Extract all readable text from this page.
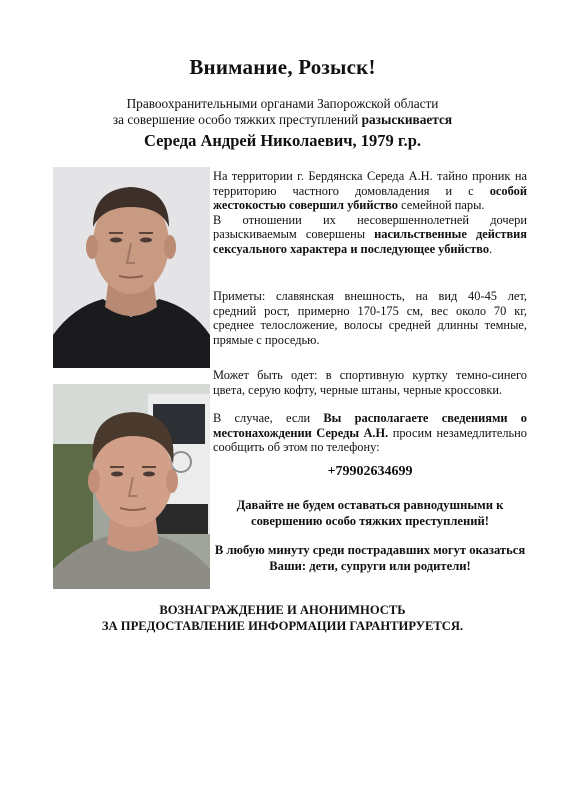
Внимание, Розыск!
Правоохранительными органами Запорожской области
за совершение особо тяжких преступлений разыскивается
Середа Андрей Николаевич, 1979 г.р.

На территории г. Бердянска Середа А.Н. тайно проник на территорию частного домовладения и с особой жестокостью совершил убийство семейной пары.

В отношении их несовершеннолетней дочери разыскиваемым совершены насильственные действия сексуального характера и последующее убийство.

Приметы: славянская внешность, на вид 40-45 лет, средний рост, примерно 170-175 см, вес около 70 кг, среднее телосложение, волосы средней длинны темные, прямые с проседью.
Может быть одет: в спортивную куртку темно-синего цвета, серую кофту, черные штаны, черные кроссовки.
В случае, если Вы располагаете сведениями о местонахождении Середы А.Н. просим незамедлительно сообщить об этом по телефону:
+79902634699
Давайте не будем оставаться равнодушными к совершению особо тяжких преступлений!
В любую минуту среди пострадавших могут оказаться Ваши: дети, супруги или родители!
ВОЗНАГРАЖДЕНИЕ И АНОНИМНОСТЬ
ЗА ПРЕДОСТАВЛЕНИЕ ИНФОРМАЦИИ ГАРАНТИРУЕТСЯ.
